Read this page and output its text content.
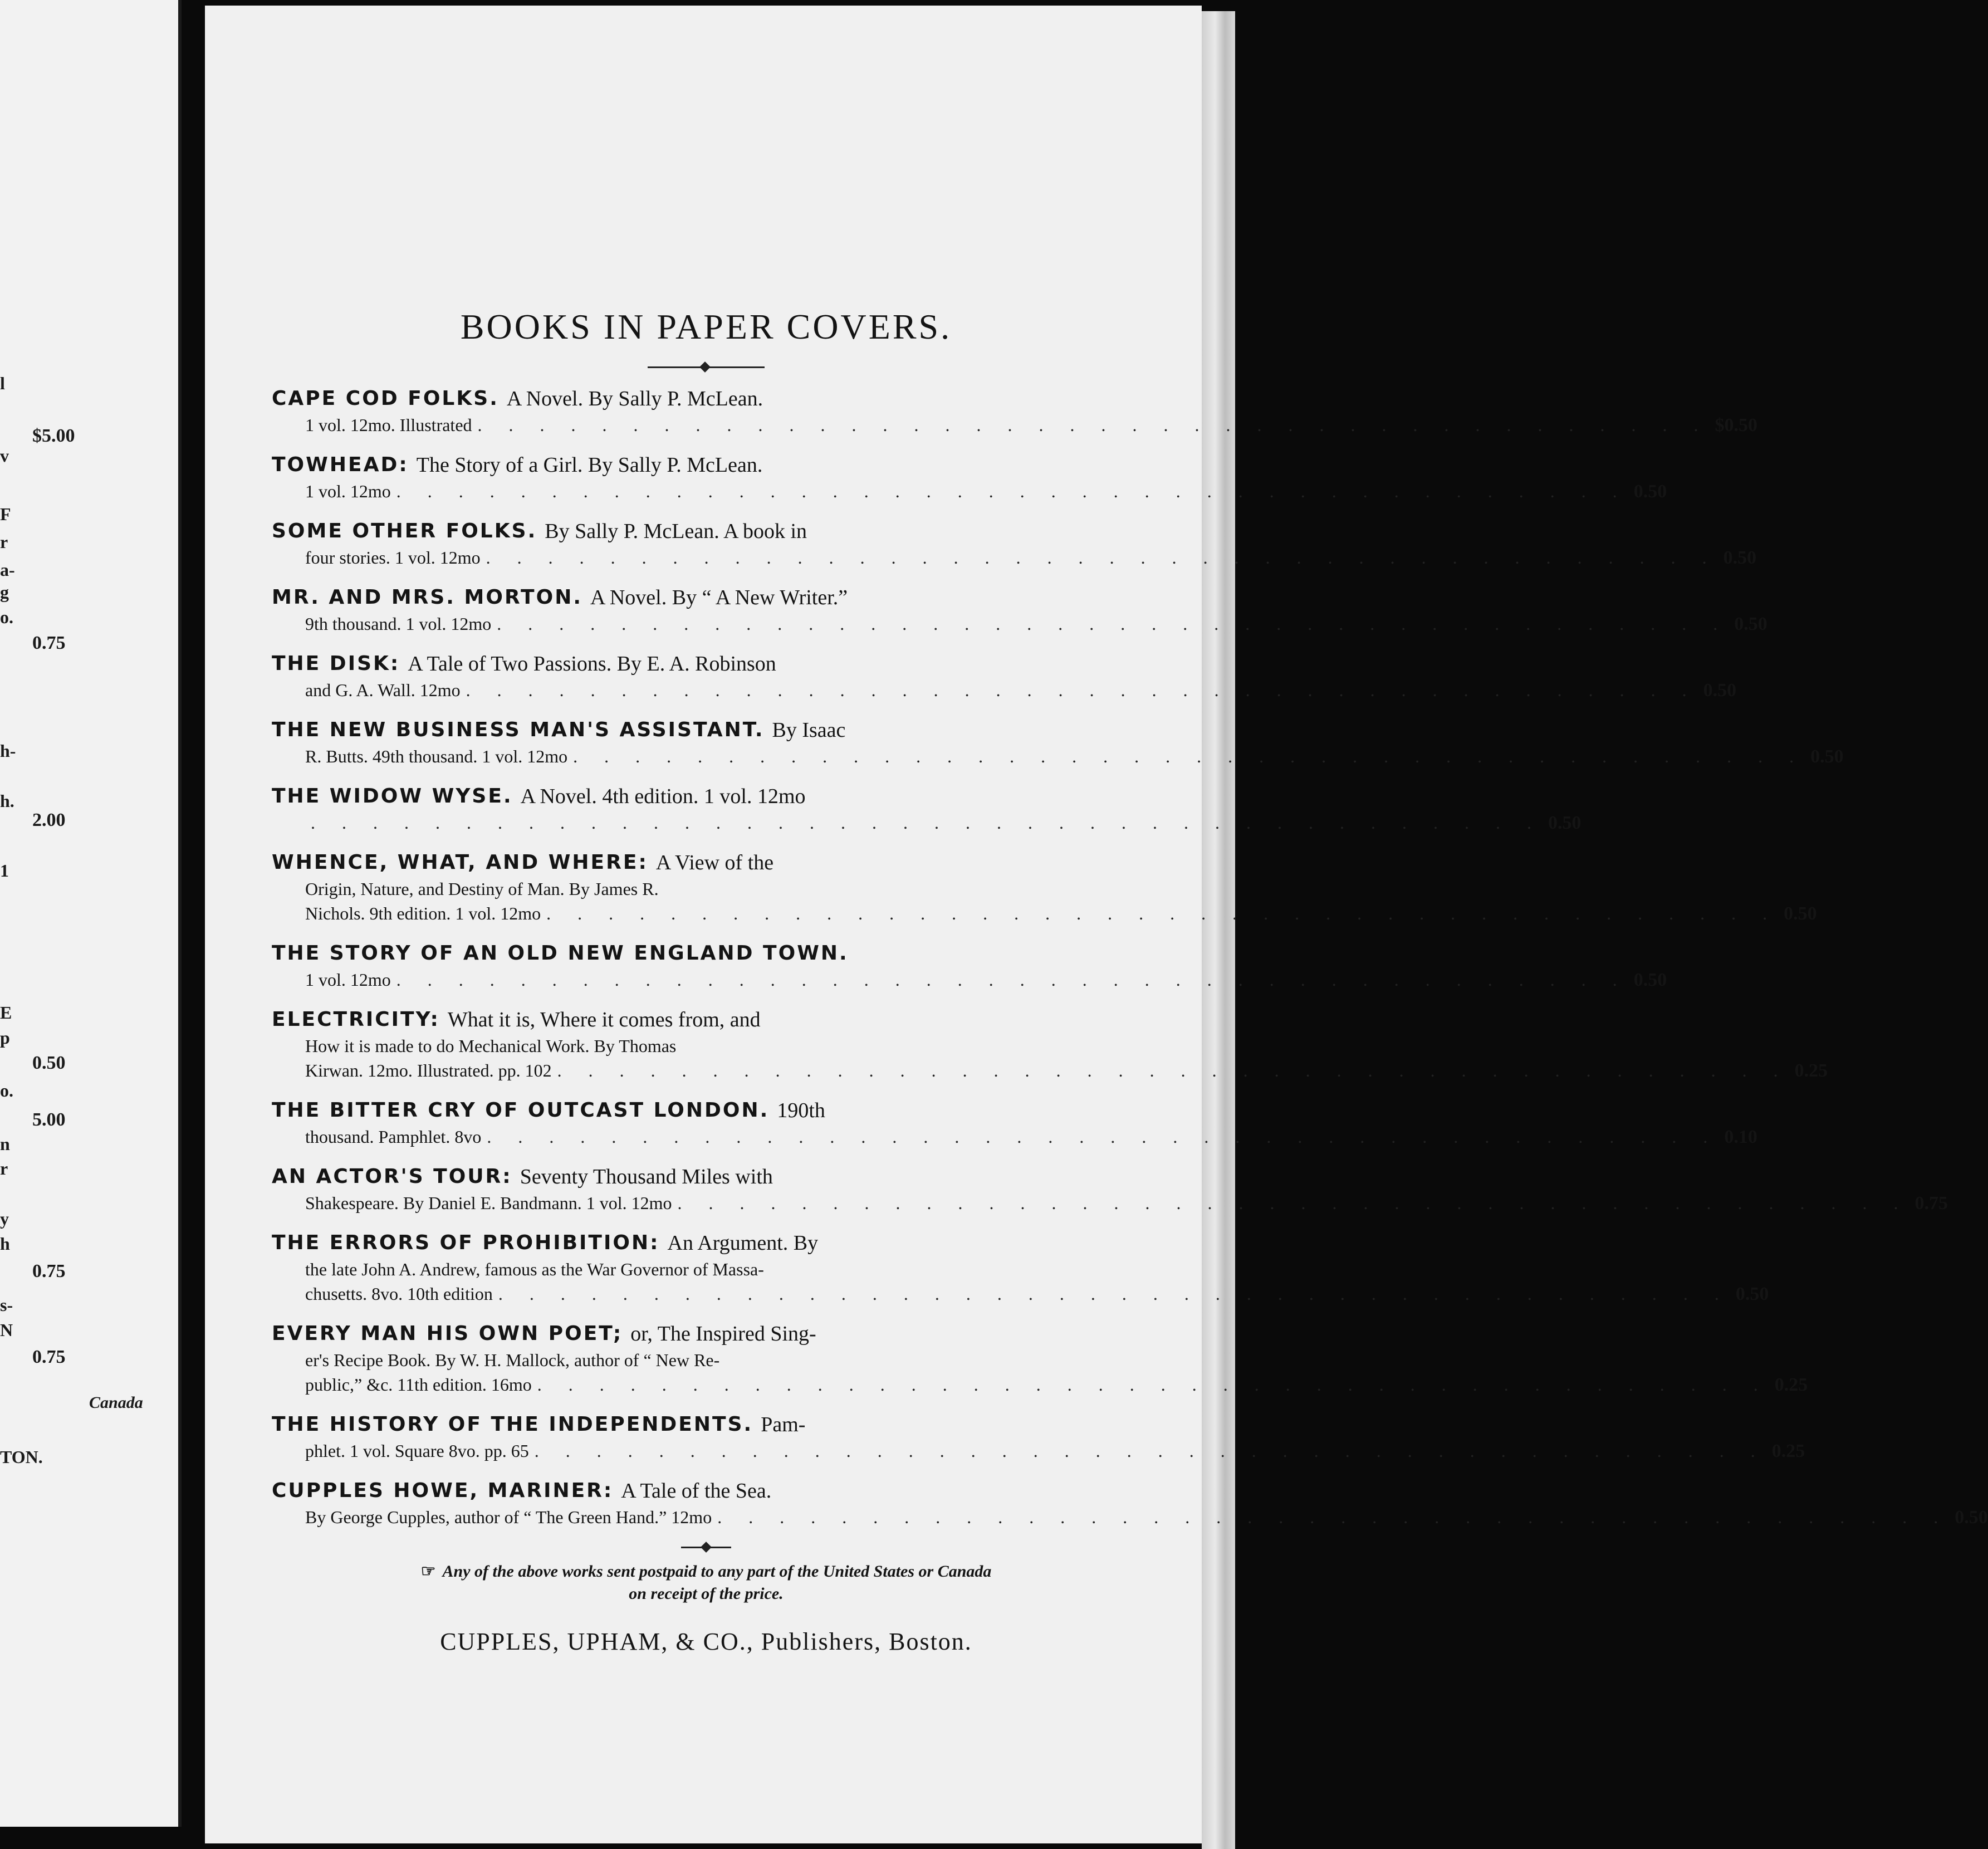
l
$5.00
v
F
r
a-
g
o.
0.75
h-
h.
2.00
1
E
p
0.50
o.
5.00
n
r
y
h
0.75
s-
N
0.75
Canada
TON.
BOOKS IN PAPER COVERS.
CAPE COD FOLKS. A Novel. By Sally P. McLean.
1 vol. 12mo. Illustrated . . . . . . . . . . . . . . . . . . . . . . . . . . . . . . . . . . . . . . . . $0.50
TOWHEAD: The Story of a Girl. By Sally P. McLean.
1 vol. 12mo . . . . . . . . . . . . . . . . . . . . . . . . . . . . . . . . . . . . . . . . 0.50
SOME OTHER FOLKS. By Sally P. McLean. A book in
four stories. 1 vol. 12mo . . . . . . . . . . . . . . . . . . . . . . . . . . . . . . . . . . . . . . . . 0.50
MR. AND MRS. MORTON. A Novel. By “ A New Writer.”
9th thousand. 1 vol. 12mo . . . . . . . . . . . . . . . . . . . . . . . . . . . . . . . . . . . . . . . . 0.50
THE DISK: A Tale of Two Passions. By E. A. Robinson
and G. A. Wall. 12mo . . . . . . . . . . . . . . . . . . . . . . . . . . . . . . . . . . . . . . . . 0.50
THE NEW BUSINESS MAN'S ASSISTANT. By Isaac
R. Butts. 49th thousand. 1 vol. 12mo . . . . . . . . . . . . . . . . . . . . . . . . . . . . . . . . . . . . . . . . 0.50
THE WIDOW WYSE. A Novel. 4th edition. 1 vol. 12mo
. . . . . . . . . . . . . . . . . . . . . . . . . . . . . . . . . . . . . . . . 0.50
WHENCE, WHAT, AND WHERE: A View of the
Origin, Nature, and Destiny of Man. By James R.
Nichols. 9th edition. 1 vol. 12mo . . . . . . . . . . . . . . . . . . . . . . . . . . . . . . . . . . . . . . . . 0.50
THE STORY OF AN OLD NEW ENGLAND TOWN.
1 vol. 12mo . . . . . . . . . . . . . . . . . . . . . . . . . . . . . . . . . . . . . . . . 0.50
ELECTRICITY: What it is, Where it comes from, and
How it is made to do Mechanical Work. By Thomas
Kirwan. 12mo. Illustrated. pp. 102 . . . . . . . . . . . . . . . . . . . . . . . . . . . . . . . . . . . . . . . . 0.25
THE BITTER CRY OF OUTCAST LONDON. 190th
thousand. Pamphlet. 8vo . . . . . . . . . . . . . . . . . . . . . . . . . . . . . . . . . . . . . . . . 0.10
AN ACTOR'S TOUR: Seventy Thousand Miles with
Shakespeare. By Daniel E. Bandmann. 1 vol. 12mo . . . . . . . . . . . . . . . . . . . . . . . . . . . . . . . . . . . . . . . . 0.75
THE ERRORS OF PROHIBITION: An Argument. By
the late John A. Andrew, famous as the War Governor of Massa-
chusetts. 8vo. 10th edition . . . . . . . . . . . . . . . . . . . . . . . . . . . . . . . . . . . . . . . . 0.50
EVERY MAN HIS OWN POET; or, The Inspired Sing-
er's Recipe Book. By W. H. Mallock, author of “ New Re-
public,” &c. 11th edition. 16mo . . . . . . . . . . . . . . . . . . . . . . . . . . . . . . . . . . . . . . . . 0.25
THE HISTORY OF THE INDEPENDENTS. Pam-
phlet. 1 vol. Square 8vo. pp. 65 . . . . . . . . . . . . . . . . . . . . . . . . . . . . . . . . . . . . . . . . 0.25
CUPPLES HOWE, MARINER: A Tale of the Sea.
By George Cupples, author of “ The Green Hand.” 12mo . . . . . . . . . . . . . . . . . . . . . . . . . . . . . . . . . . . . . . . . 0.50
☞ Any of the above works sent postpaid to any part of the United States or Canada
on receipt of the price.
CUPPLES, UPHAM, & CO., Publishers, Boston.
